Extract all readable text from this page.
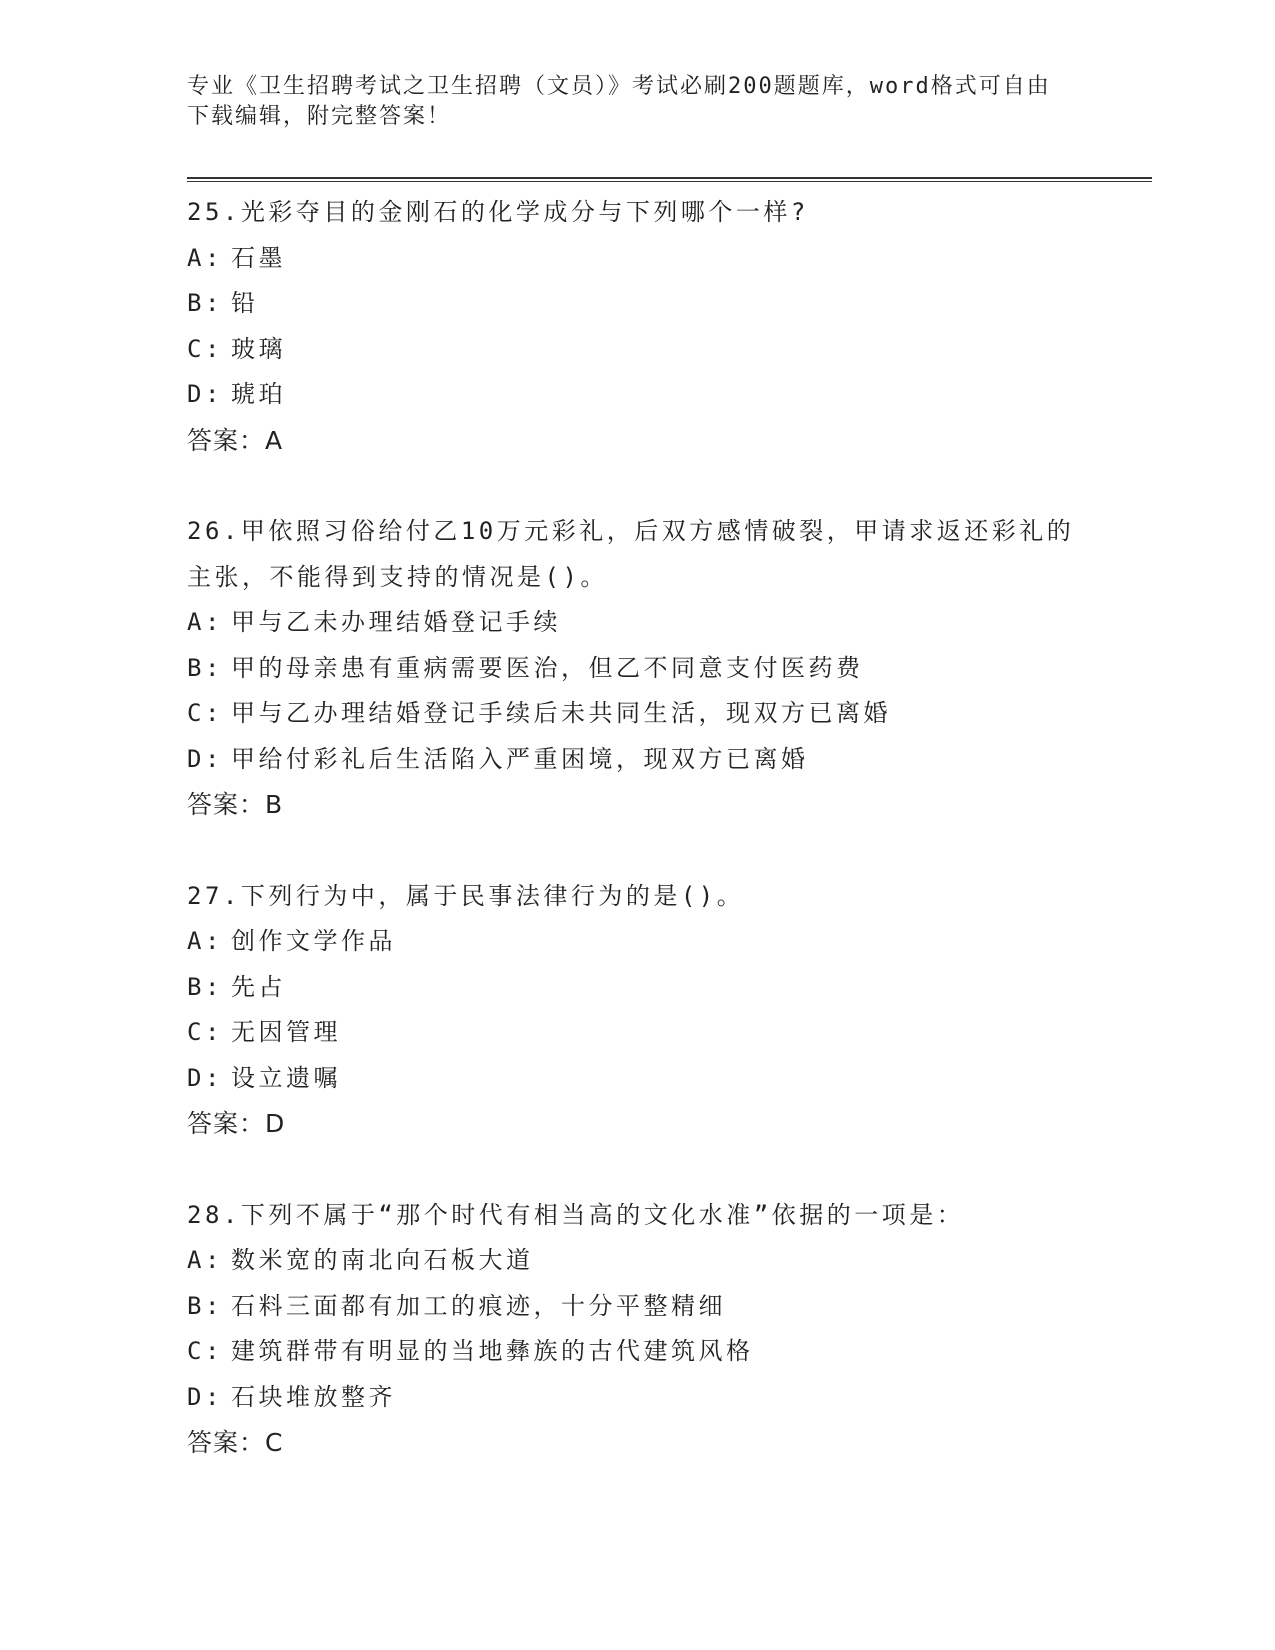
专业《卫生招聘考试之卫生招聘（文员）》考试必刷200题题库，word格式可自由下载编辑，附完整答案！

25.光彩夺目的金刚石的化学成分与下列哪个一样?

A: 石墨

B: 铅

C: 玻璃

D: 琥珀

答案：A

26.甲依照习俗给付乙10万元彩礼，后双方感情破裂，甲请求返还彩礼的主张，不能得到支持的情况是()。

A: 甲与乙未办理结婚登记手续

B: 甲的母亲患有重病需要医治，但乙不同意支付医药费

C: 甲与乙办理结婚登记手续后未共同生活，现双方已离婚

D: 甲给付彩礼后生活陷入严重困境，现双方已离婚

答案：B

27.下列行为中，属于民事法律行为的是()。

A: 创作文学作品

B: 先占

C: 无因管理

D: 设立遗嘱

答案：D

28.下列不属于“那个时代有相当高的文化水准”依据的一项是：

A: 数米宽的南北向石板大道

B: 石料三面都有加工的痕迹，十分平整精细

C: 建筑群带有明显的当地彝族的古代建筑风格

D: 石块堆放整齐

答案：C
